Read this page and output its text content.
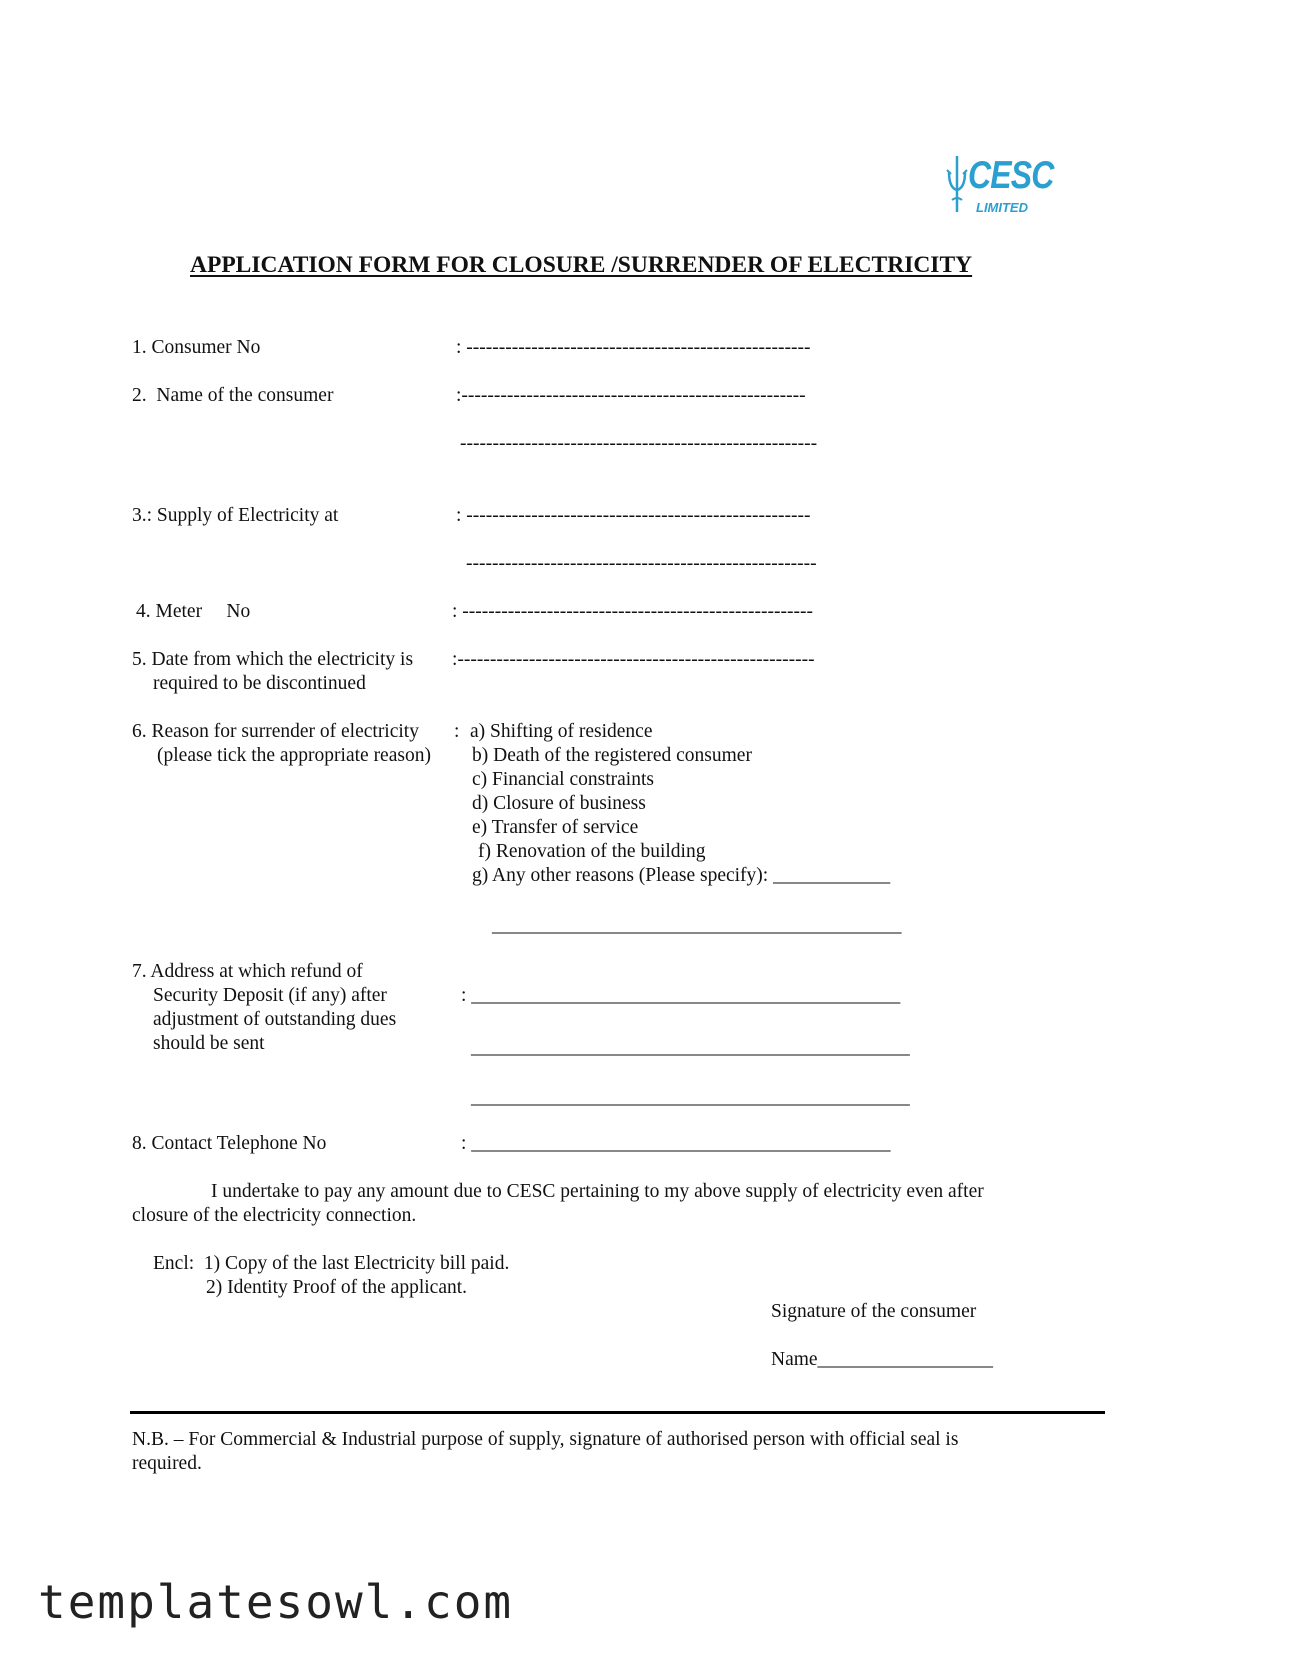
CESC
LIMITED
APPLICATION FORM FOR CLOSURE /SURRENDER OF ELECTRICITY
1. Consumer No	: -----------------------------------------------------
2.  Name of the consumer	:-----------------------------------------------------
-------------------------------------------------------
3.: Supply of Electricity at	: -----------------------------------------------------
------------------------------------------------------
4. Meter     No	: ------------------------------------------------------
5. Date from which the electricity is
required to be discontinued
:-------------------------------------------------------
6. Reason for surrender of electricity
(please tick the appropriate reason)
: a) Shifting of residence
b) Death of the registered consumer
c) Financial constraints
d) Closure of business
e) Transfer of service
f) Renovation of the building
g) Any other reasons (Please specify): ____________
__________________________________________
7. Address at which refund of
Security Deposit (if any) after
adjustment of outstanding dues
should be sent
: ____________________________________________
_____________________________________________
_____________________________________________
8. Contact Telephone No	: ___________________________________________
I undertake to pay any amount due to CESC pertaining to my above supply of electricity even after
closure of the electricity connection.
Encl:  1) Copy of the last Electricity bill paid.
2) Identity Proof of the applicant.
Signature of the consumer
Name__________________
N.B. – For Commercial & Industrial purpose of supply, signature of authorised person with official seal is
required.
templatesowl.com
